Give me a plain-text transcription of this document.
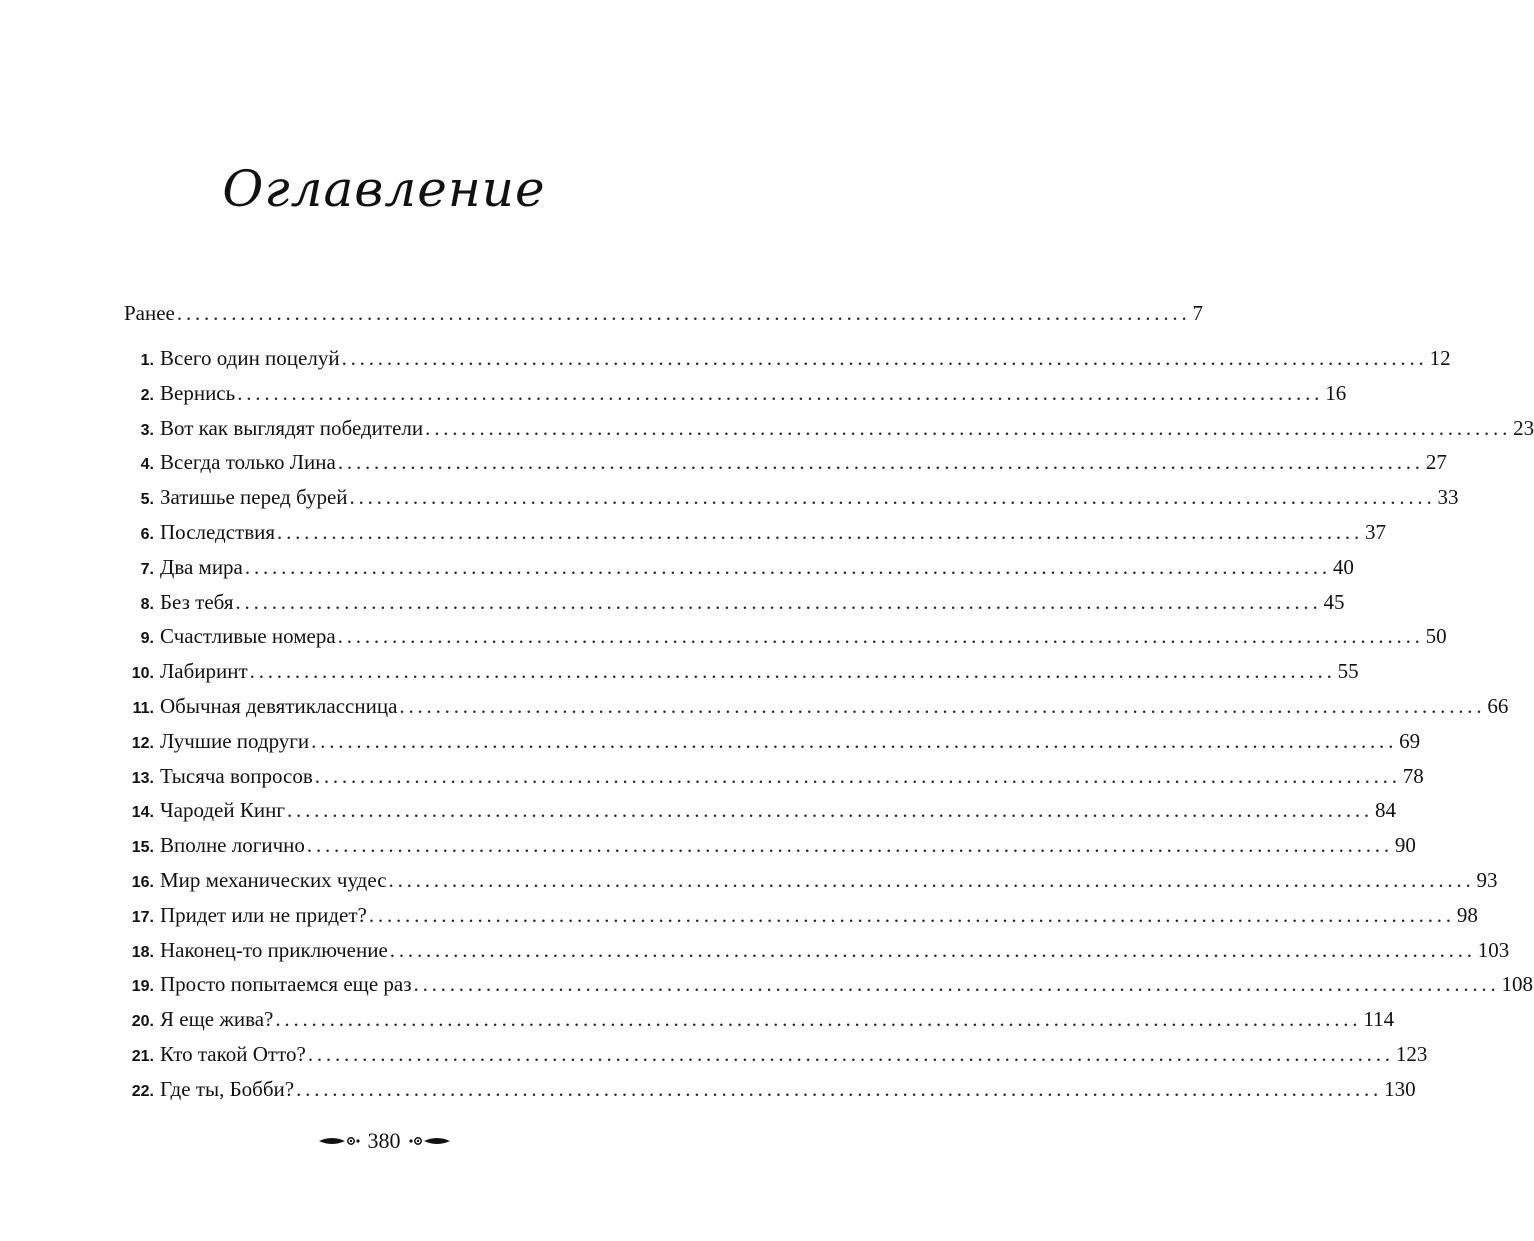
Оглавление
Ранее ................................................................................................................ 7
1. Всего один поцелуй ........................................................................................................................ 12
2. Вернись ........................................................................................................................ 16
3. Вот как выглядят победители ........................................................................................................................ 23
4. Всегда только Лина ........................................................................................................................ 27
5. Затишье перед бурей ........................................................................................................................ 33
6. Последствия ........................................................................................................................ 37
7. Два мира ........................................................................................................................ 40
8. Без тебя ........................................................................................................................ 45
9. Счастливые номера ........................................................................................................................ 50
10. Лабиринт ........................................................................................................................ 55
11. Обычная девятиклассница ........................................................................................................................ 66
12. Лучшие подруги ........................................................................................................................ 69
13. Тысяча вопросов ........................................................................................................................ 78
14. Чародей Кинг ........................................................................................................................ 84
15. Вполне логично ........................................................................................................................ 90
16. Мир механических чудес ........................................................................................................................ 93
17. Придет или не придет? ........................................................................................................................ 98
18. Наконец-то приключение ........................................................................................................................ 103
19. Просто попытаемся еще раз ........................................................................................................................ 108
20. Я еще жива? ........................................................................................................................ 114
21. Кто такой Отто? ........................................................................................................................ 123
22. Где ты, Бобби? ........................................................................................................................ 130
380
